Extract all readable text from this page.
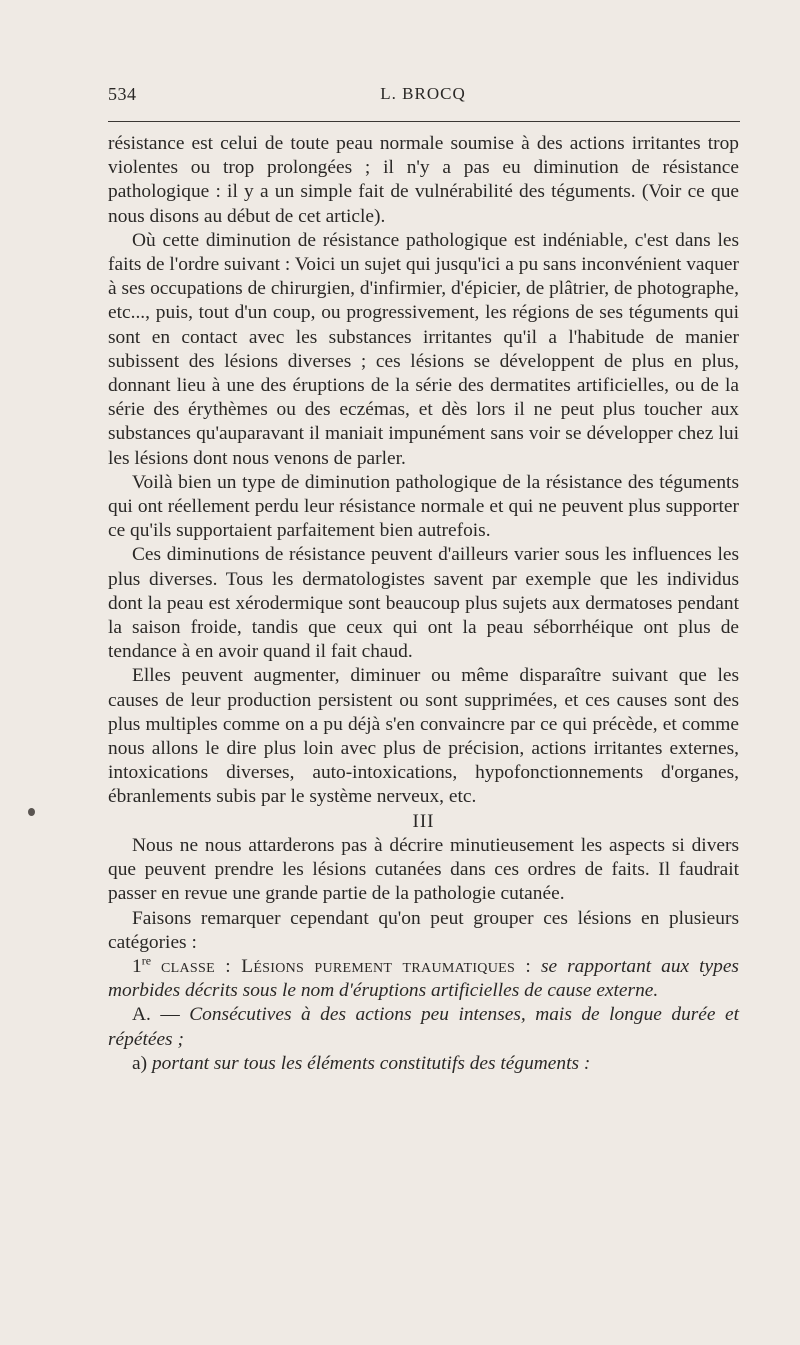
534	L. BROCQ

résistance est celui de toute peau normale soumise à des actions irritantes trop violentes ou trop prolongées ; il n'y a pas eu diminution de résistance pathologique : il y a un simple fait de vulnérabilité des téguments. (Voir ce que nous disons au début de cet article).

Où cette diminution de résistance pathologique est indéniable, c'est dans les faits de l'ordre suivant : Voici un sujet qui jusqu'ici a pu sans inconvénient vaquer à ses occupations de chirurgien, d'infirmier, d'épicier, de plâtrier, de photographe, etc..., puis, tout d'un coup, ou progressivement, les régions de ses téguments qui sont en contact avec les substances irritantes qu'il a l'habitude de manier subissent des lésions diverses ; ces lésions se développent de plus en plus, donnant lieu à une des éruptions de la série des dermatites artificielles, ou de la série des érythèmes ou des eczémas, et dès lors il ne peut plus toucher aux substances qu'auparavant il maniait impunément sans voir se développer chez lui les lésions dont nous venons de parler.

Voilà bien un type de diminution pathologique de la résistance des téguments qui ont réellement perdu leur résistance normale et qui ne peuvent plus supporter ce qu'ils supportaient parfaitement bien autrefois.

Ces diminutions de résistance peuvent d'ailleurs varier sous les influences les plus diverses. Tous les dermatologistes savent par exemple que les individus dont la peau est xérodermique sont beaucoup plus sujets aux dermatoses pendant la saison froide, tandis que ceux qui ont la peau séborrhéique ont plus de tendance à en avoir quand il fait chaud.

Elles peuvent augmenter, diminuer ou même disparaître suivant que les causes de leur production persistent ou sont supprimées, et ces causes sont des plus multiples comme on a pu déjà s'en convaincre par ce qui précède, et comme nous allons le dire plus loin avec plus de précision, actions irritantes externes, intoxications diverses, auto-intoxications, hypofonctionnements d'organes, ébranlements subis par le système nerveux, etc.

III

Nous ne nous attarderons pas à décrire minutieusement les aspects si divers que peuvent prendre les lésions cutanées dans ces ordres de faits. Il faudrait passer en revue une grande partie de la pathologie cutanée.

Faisons remarquer cependant qu'on peut grouper ces lésions en plusieurs catégories :

1re classe : Lésions purement traumatiques : se rapportant aux types morbides décrits sous le nom d'éruptions artificielles de cause externe.

A. — Consécutives à des actions peu intenses, mais de longue durée et répétées ;

a) portant sur tous les éléments constitutifs des téguments :
